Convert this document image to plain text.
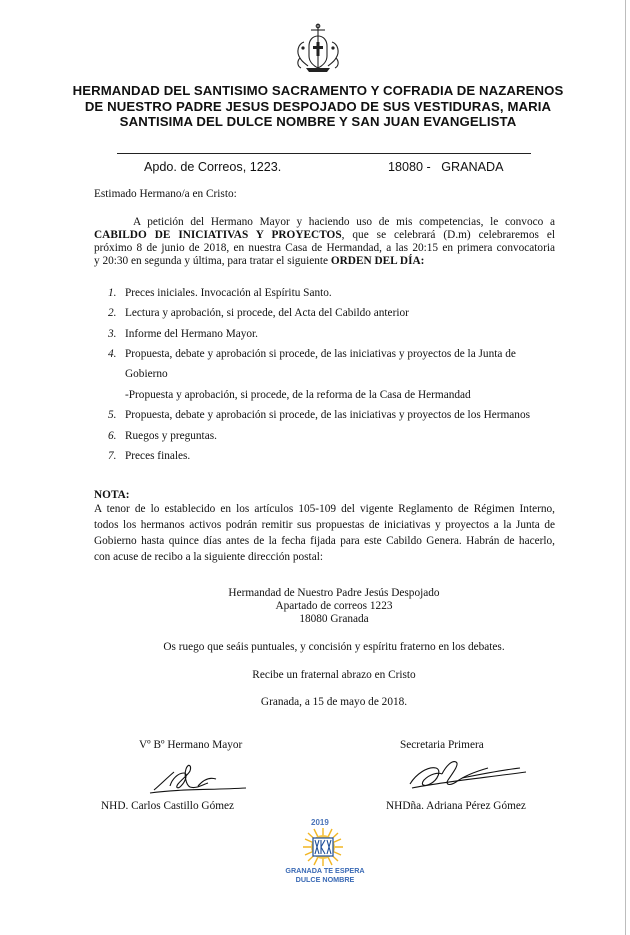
HERMANDAD DEL SANTISIMO SACRAMENTO Y COFRADIA DE NAZARENOS DE NUESTRO PADRE JESUS DESPOJADO DE SUS VESTIDURAS, MARIA SANTISIMA DEL DULCE NOMBRE Y SAN JUAN EVANGELISTA
Apdo. de Correos, 1223.	18080 -   GRANADA

Estimado Hermano/a en Cristo:

A petición del Hermano Mayor y haciendo uso de mis competencias, le convoco a

CABILDO DE INICIATIVAS Y PROYECTOS, que se celebrará (D.m) celebraremos el

próximo 8 de junio de 2018, en nuestra Casa de Hermandad, a las 20:15 en primera convocatoria

y 20:30 en segunda y última, para tratar el siguiente ORDEN DEL DÍA:

1. Preces iniciales. Invocación al Espíritu Santo.
2. Lectura y aprobación, si procede, del Acta del Cabildo anterior
3. Informe del Hermano Mayor.
4. Propuesta, debate y aprobación si procede, de las iniciativas y proyectos de la Junta de
Gobierno
-Propuesta y aprobación, si procede, de la reforma de la Casa de Hermandad
5. Propuesta, debate y aprobación si procede, de las iniciativas y proyectos de los Hermanos
6. Ruegos y preguntas.
7. Preces finales.

NOTA:

A tenor de lo establecido en los artículos 105-109 del vigente Reglamento de Régimen Interno,

todos los hermanos activos podrán remitir sus propuestas de iniciativas y proyectos a la Junta de

Gobierno hasta quince días antes de la fecha fijada para este Cabildo Genera. Habrán de hacerlo,

con acuse de recibo a la siguiente dirección postal:

Hermandad de Nuestro Padre Jesús Despojado

Apartado de correos 1223

18080 Granada

Os ruego que seáis puntuales, y concisión y espíritu fraterno en los debates.

Recibe un fraternal abrazo en Cristo

Granada, a 15 de mayo de 2018.

Vº Bº Hermano Mayor

NHD. Carlos Castillo Gómez

Secretaria Primera

NHDña. Adriana Pérez Gómez

2019
GRANADA TE ESPERA
DULCE NOMBRE
